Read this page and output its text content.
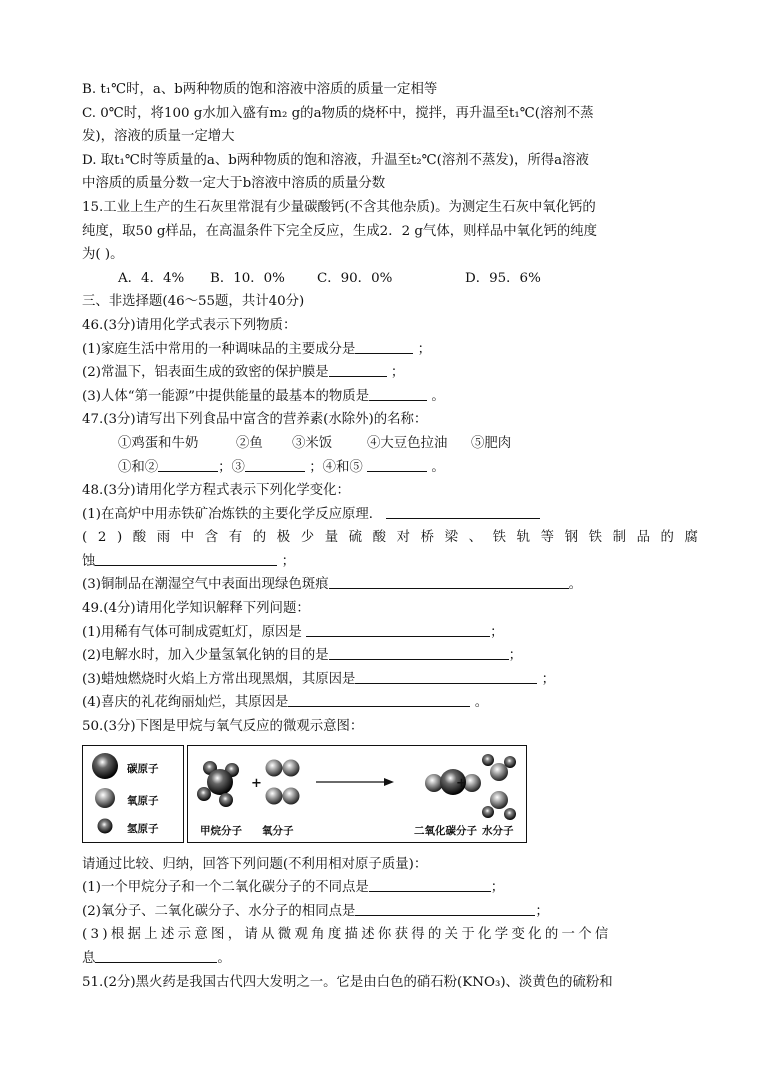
B. t₁℃时，a、b两种物质的饱和溶液中溶质的质量一定相等
C. 0℃时，将100 g水加入盛有m₂ g的a物质的烧杯中，搅拌，再升温至t₁℃(溶剂不蒸
发)，溶液的质量一定增大
D. 取t₁℃时等质量的a、b两种物质的饱和溶液，升温至t₂℃(溶剂不蒸发)，所得a溶液
中溶质的质量分数一定大于b溶液中溶质的质量分数
15.工业上生产的生石灰里常混有少量碳酸钙(不含其他杂质)。为测定生石灰中氧化钙的
纯度，取50 g样品，在高温条件下完全反应，生成2．2 g气体，则样品中氧化钙的纯度
为( )。
A．4．4% B．10．0% C．90．0%	D．95．6%
三、非选择题(46～55题，共计40分)
46.(3分)请用化学式表示下列物质：
(1)家庭生活中常用的一种调味品的主要成分是	；
(2)常温下，铝表面生成的致密的保护膜是	；
(3)人体“第一能源”中提供能量的最基本的物质是	。
47.(3分)请写出下列食品中富含的营养素(水除外)的名称：
①鸡蛋和牛奶	②鱼 ③米饭	④大豆色拉油 ⑤肥肉
①和②	；③	；④和⑤	。
48.(3分)请用化学方程式表示下列化学变化：
(1)在高炉中用赤铁矿冶炼铁的主要化学反应原理．
(2)酸雨中含有的极少量硫酸对桥梁、铁轨等钢铁制品的腐
蚀	；
(3)铜制品在潮湿空气中表面出现绿色斑痕	。
49.(4分)请用化学知识解释下列问题：
(1)用稀有气体可制成霓虹灯，原因是	；
(2)电解水时，加入少量氢氧化钠的目的是	；
(3)蜡烛燃烧时火焰上方常出现黑烟，其原因是	；
(4)喜庆的礼花绚丽灿烂，其原因是	。
50.(3分)下图是甲烷与氧气反应的微观示意图：
碳原子
氧原子
氢原子
+	+
甲烷分子 氧分子	二氧化碳分子 水分子
请通过比较、归纳，回答下列问题(不利用相对原子质量)：
(1)一个甲烷分子和一个二氧化碳分子的不同点是	；
(2)氧分子、二氧化碳分子、水分子的相同点是	；
(3)根据上述示意图，请从微观角度描述你获得的关于化学变化的一个信
息	。
51.(2分)黑火药是我国古代四大发明之一。它是由白色的硝石粉(KNO₃)、淡黄色的硫粉和
